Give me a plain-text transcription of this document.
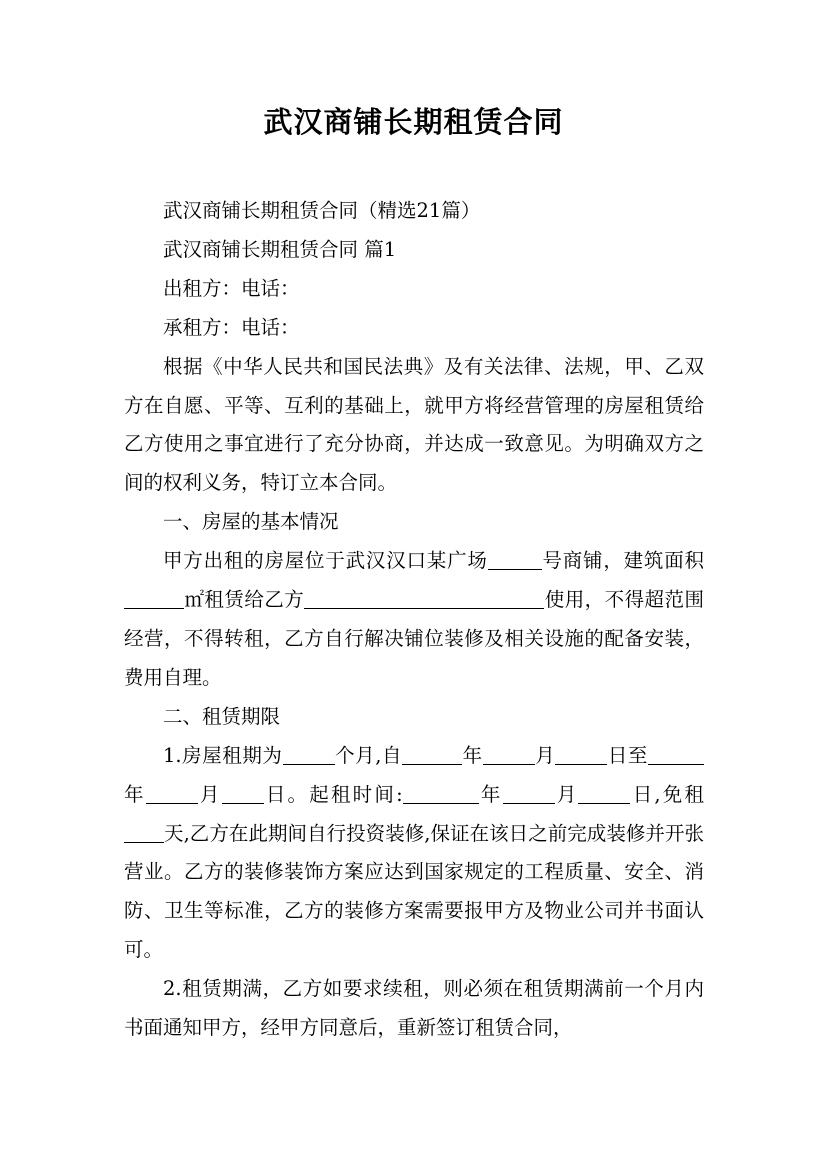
武汉商铺长期租赁合同

武汉商铺长期租赁合同（精选21篇）

武汉商铺长期租赁合同 篇1

出租方：电话：

承租方：电话：

根据《中华人民共和国民法典》及有关法律、法规，甲、乙双方在自愿、平等、互利的基础上，就甲方将经营管理的房屋租赁给乙方使用之事宜进行了充分协商，并达成一致意见。为明确双方之间的权利义务，特订立本合同。

一、房屋的基本情况

甲方出租的房屋位于武汉汉口某广场	号商铺，建筑面积㎡租赁给乙方	使用，不得超范围经营，不得转租，乙方自行解决铺位装修及相关设施的配备安装，费用自理。

二、租赁期限

1.房屋租期为	个月,自	年	月	日至年	月 日。起租时间:	年	月	日,免租天,乙方在此期间自行投资装修,保证在该日之前完成装修并开张营业。乙方的装修装饰方案应达到国家规定的工程质量、安全、消防、卫生等标准，乙方的装修方案需要报甲方及物业公司并书面认可。

2.租赁期满，乙方如要求续租，则必须在租赁期满前一个月内书面通知甲方，经甲方同意后，重新签订租赁合同，
